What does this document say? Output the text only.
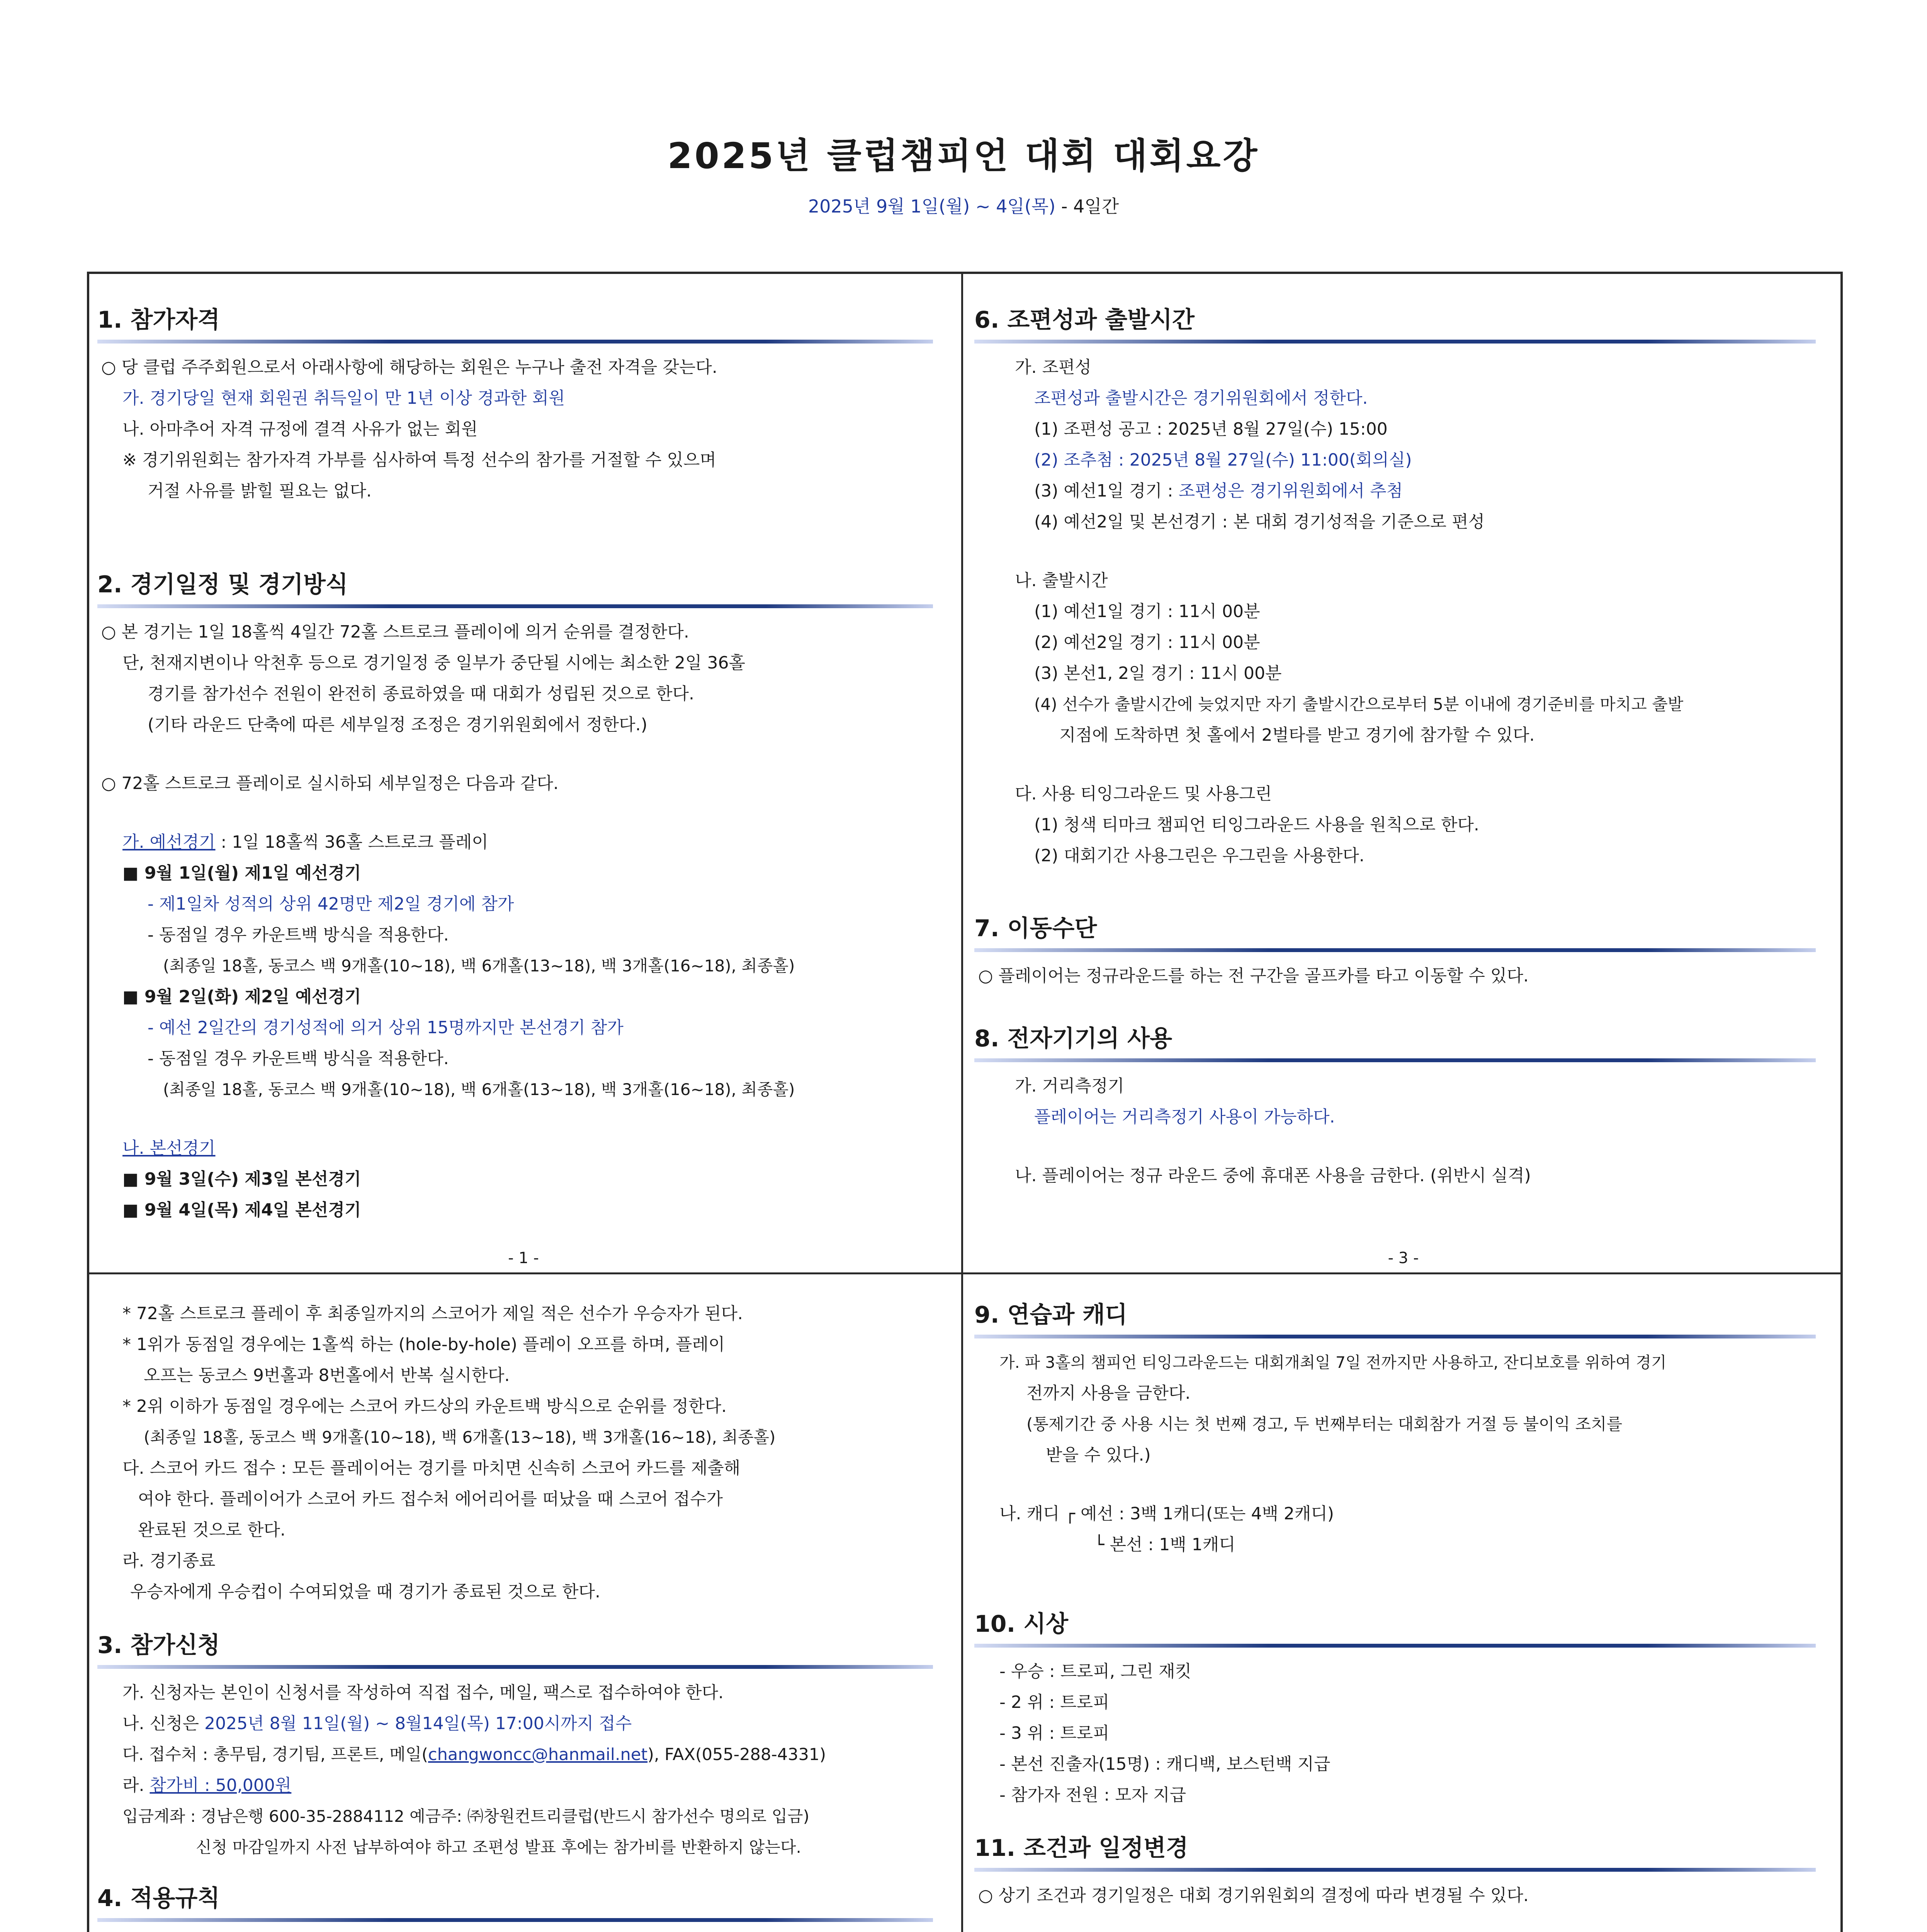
2025년 클럽챔피언 대회 대회요강
2025년 9월 1일(월) ~ 4일(목) - 4일간
1. 참가자격
○ 당 클럽 주주회원으로서 아래사항에 해당하는 회원은 누구나 출전 자격을 갖는다.
가. 경기당일 현재 회원권 취득일이 만 1년 이상 경과한 회원
나. 아마추어 자격 규정에 결격 사유가 없는 회원
※ 경기위원회는 참가자격 가부를 심사하여 특정 선수의 참가를 거절할 수 있으며
거절 사유를 밝힐 필요는 없다.
2. 경기일정 및 경기방식
○ 본 경기는 1일 18홀씩 4일간 72홀 스트로크 플레이에 의거 순위를 결정한다.
단, 천재지변이나 악천후 등으로 경기일정 중 일부가 중단될 시에는 최소한 2일 36홀
경기를 참가선수 전원이 완전히 종료하였을 때 대회가 성립된 것으로 한다.
(기타 라운드 단축에 따른 세부일정 조정은 경기위원회에서 정한다.)
○ 72홀 스트로크 플레이로 실시하되 세부일정은 다음과 같다.
가. 예선경기 : 1일 18홀씩 36홀 스트로크 플레이
■ 9월 1일(월) 제1일 예선경기
- 제1일차 성적의 상위 42명만 제2일 경기에 참가
- 동점일 경우 카운트백 방식을 적용한다.
(최종일 18홀, 동코스 백 9개홀(10~18), 백 6개홀(13~18), 백 3개홀(16~18), 최종홀)
■ 9월 2일(화) 제2일 예선경기
- 예선 2일간의 경기성적에 의거 상위 15명까지만 본선경기 참가
- 동점일 경우 카운트백 방식을 적용한다.
(최종일 18홀, 동코스 백 9개홀(10~18), 백 6개홀(13~18), 백 3개홀(16~18), 최종홀)
나. 본선경기
■ 9월 3일(수) 제3일 본선경기
■ 9월 4일(목) 제4일 본선경기
- 1 -
6. 조편성과 출발시간
가. 조편성
조편성과 출발시간은 경기위원회에서 정한다.
(1) 조편성 공고 : 2025년 8월 27일(수) 15:00
(2) 조추첨 : 2025년 8월 27일(수) 11:00(회의실)
(3) 예선1일 경기 : 조편성은 경기위원회에서 추첨
(4) 예선2일 및 본선경기 : 본 대회 경기성적을 기준으로 편성
나. 출발시간
(1) 예선1일 경기 : 11시 00분
(2) 예선2일 경기 : 11시 00분
(3) 본선1, 2일 경기 : 11시 00분
(4) 선수가 출발시간에 늦었지만 자기 출발시간으로부터 5분 이내에 경기준비를 마치고 출발
지점에 도착하면 첫 홀에서 2벌타를 받고 경기에 참가할 수 있다.
다. 사용 티잉그라운드 및 사용그린
(1) 청색 티마크 챔피언 티잉그라운드 사용을 원칙으로 한다.
(2) 대회기간 사용그린은 우그린을 사용한다.
7. 이동수단
○ 플레이어는 정규라운드를 하는 전 구간을 골프카를 타고 이동할 수 있다.
8. 전자기기의 사용
가. 거리측정기
플레이어는 거리측정기 사용이 가능하다.
나. 플레이어는 정규 라운드 중에 휴대폰 사용을 금한다. (위반시 실격)
- 3 -
* 72홀 스트로크 플레이 후 최종일까지의 스코어가 제일 적은 선수가 우승자가 된다.
* 1위가 동점일 경우에는 1홀씩 하는 (hole-by-hole) 플레이 오프를 하며, 플레이
오프는 동코스 9번홀과 8번홀에서 반복 실시한다.
* 2위 이하가 동점일 경우에는 스코어 카드상의 카운트백 방식으로 순위를 정한다.
(최종일 18홀, 동코스 백 9개홀(10~18), 백 6개홀(13~18), 백 3개홀(16~18), 최종홀)
다. 스코어 카드 접수 : 모든 플레이어는 경기를 마치면 신속히 스코어 카드를 제출해
여야 한다. 플레이어가 스코어 카드 접수처 에어리어를 떠났을 때 스코어 접수가
완료된 것으로 한다.
라. 경기종료
우승자에게 우승컵이 수여되었을 때 경기가 종료된 것으로 한다.
3. 참가신청
가. 신청자는 본인이 신청서를 작성하여 직접 접수, 메일, 팩스로 접수하여야 한다.
나. 신청은 2025년 8월 11일(월) ~ 8월14일(목) 17:00시까지 접수
다. 접수처 : 총무팀, 경기팀, 프론트, 메일(changwoncc@hanmail.net), FAX(055-288-4331)
라. 참가비 : 50,000원
입금계좌 : 경남은행 600-35-2884112 예금주: ㈜창원컨트리클럽(반드시 참가선수 명의로 입금)
신청 마감일까지 사전 납부하여야 하고 조편성 발표 후에는 참가비를 반환하지 않는다.
4. 적용규칙
9. 연습과 캐디
가. 파 3홀의 챔피언 티잉그라운드는 대회개최일 7일 전까지만 사용하고, 잔디보호를 위하여 경기
전까지 사용을 금한다.
(통제기간 중 사용 시는 첫 번째 경고, 두 번째부터는 대회참가 거절 등 불이익 조치를
받을 수 있다.)
나. 캐디 ┌ 예선 : 3백 1캐디(또는 4백 2캐디)
└ 본선 : 1백 1캐디
10. 시상
- 우승 : 트로피, 그린 재킷
- 2 위 : 트로피
- 3 위 : 트로피
- 본선 진출자(15명) : 캐디백, 보스턴백 지급
- 참가자 전원 : 모자 지급
11. 조건과 일정변경
○ 상기 조건과 경기일정은 대회 경기위원회의 결정에 따라 변경될 수 있다.
